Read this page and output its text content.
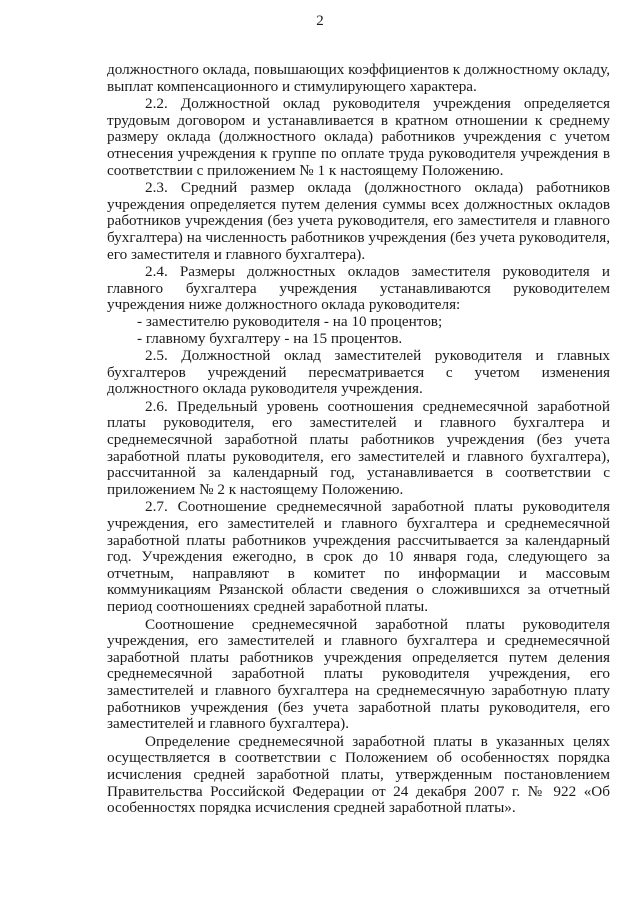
2

должностного оклада, повышающих коэффициентов к должностному окладу, выплат компенсационного и стимулирующего характера.

2.2. Должностной оклад руководителя учреждения определяется трудовым договором и устанавливается в кратном отношении к среднему размеру оклада (должностного оклада) работников учреждения с учетом отнесения учреждения к группе по оплате труда руководителя учреждения в соответствии с приложением № 1 к настоящему Положению.

2.3. Средний размер оклада (должностного оклада) работников учреждения определяется путем деления суммы всех должностных окладов работников учреждения (без учета руководителя, его заместителя и главного бухгалтера) на численность работников учреждения (без учета руководителя, его заместителя и главного бухгалтера).

2.4. Размеры должностных окладов заместителя руководителя и главного бухгалтера учреждения устанавливаются руководителем учреждения ниже должностного оклада руководителя:

- заместителю руководителя - на 10 процентов;

- главному бухгалтеру - на 15 процентов.

2.5. Должностной оклад заместителей руководителя и главных бухгалтеров учреждений пересматривается с учетом изменения должностного оклада руководителя учреждения.

2.6. Предельный уровень соотношения среднемесячной заработной платы руководителя, его заместителей и главного бухгалтера и среднемесячной заработной платы работников учреждения (без учета заработной платы руководителя, его заместителей и главного бухгалтера), рассчитанной за календарный год, устанавливается в соответствии с приложением № 2 к настоящему Положению.

2.7. Соотношение среднемесячной заработной платы руководителя учреждения, его заместителей и главного бухгалтера и среднемесячной заработной платы работников учреждения рассчитывается за календарный год. Учреждения ежегодно, в срок до 10 января года, следующего за отчетным, направляют в комитет по информации и массовым коммуникациям Рязанской области сведения о сложившихся за отчетный период соотношениях средней заработной платы.

Соотношение среднемесячной заработной платы руководителя учреждения, его заместителей и главного бухгалтера и среднемесячной заработной платы работников учреждения определяется путем деления среднемесячной заработной платы руководителя учреждения, его заместителей и главного бухгалтера на среднемесячную заработную плату работников учреждения (без учета заработной платы руководителя, его заместителей и главного бухгалтера).

Определение среднемесячной заработной платы в указанных целях осуществляется в соответствии с Положением об особенностях порядка исчисления средней заработной платы, утвержденным постановлением Правительства Российской Федерации от 24 декабря 2007 г. № 922 «Об особенностях порядка исчисления средней заработной платы».
